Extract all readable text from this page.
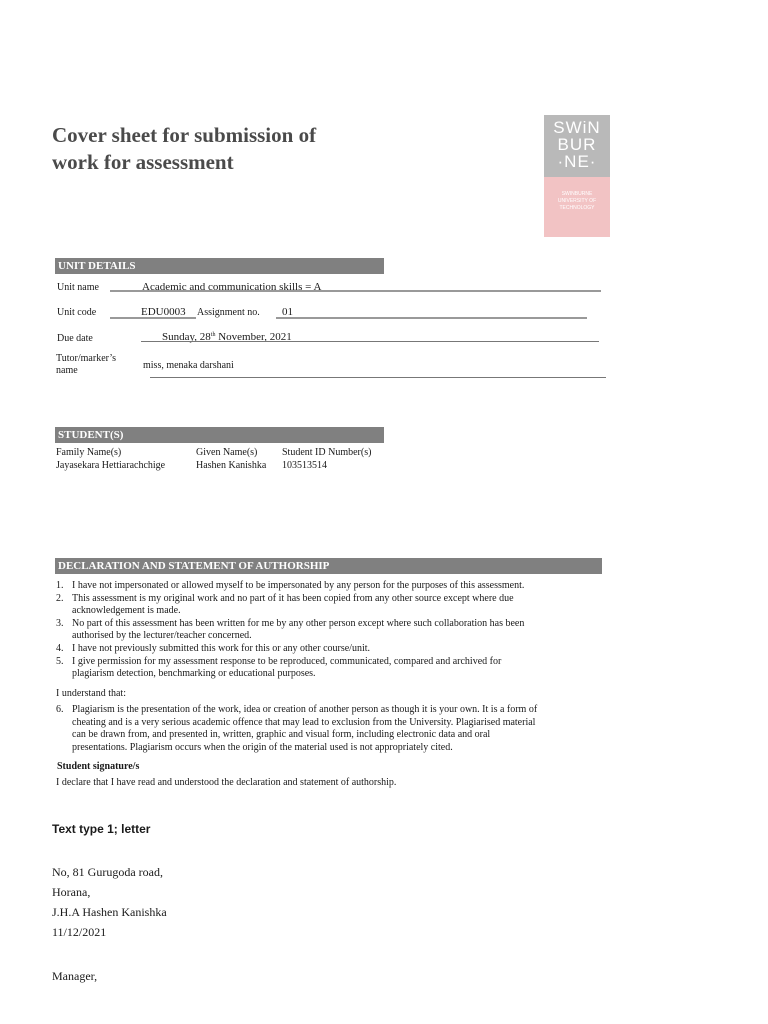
Cover sheet for submission of
work for assessment
SWiN
BUR
·NE·
SWINBURNE
UNIVERSITY OF
TECHNOLOGY
UNIT DETAILS
Unit name	Academic and communication skills = A
Unit code	EDU0003 Assignment no. 01
Due date	Sunday, 28th November, 2021
Tutor/marker’s
name	miss, menaka darshani
STUDENT(S)
Family Name(s)	Given Name(s) Student ID Number(s)
Jayasekara Hettiarachchige	Hashen Kanishka 103513514
DECLARATION AND STATEMENT OF AUTHORSHIP
1. I have not impersonated or allowed myself to be impersonated by any person for the purposes of this assessment.
2. This assessment is my original work and no part of it has been copied from any other source except where due
acknowledgement is made.
3. No part of this assessment has been written for me by any other person except where such collaboration has been
authorised by the lecturer/teacher concerned.
4. I have not previously submitted this work for this or any other course/unit.
5. I give permission for my assessment response to be reproduced, communicated, compared and archived for
plagiarism detection, benchmarking or educational purposes.
I understand that:
6. Plagiarism is the presentation of the work, idea or creation of another person as though it is your own. It is a form of
cheating and is a very serious academic offence that may lead to exclusion from the University. Plagiarised material
can be drawn from, and presented in, written, graphic and visual form, including electronic data and oral
presentations. Plagiarism occurs when the origin of the material used is not appropriately cited.
Student signature/s
I declare that I have read and understood the declaration and statement of authorship.
Text type 1; letter
No, 81 Gurugoda road,
Horana,
J.H.A Hashen Kanishka
11/12/2021
Manager,
